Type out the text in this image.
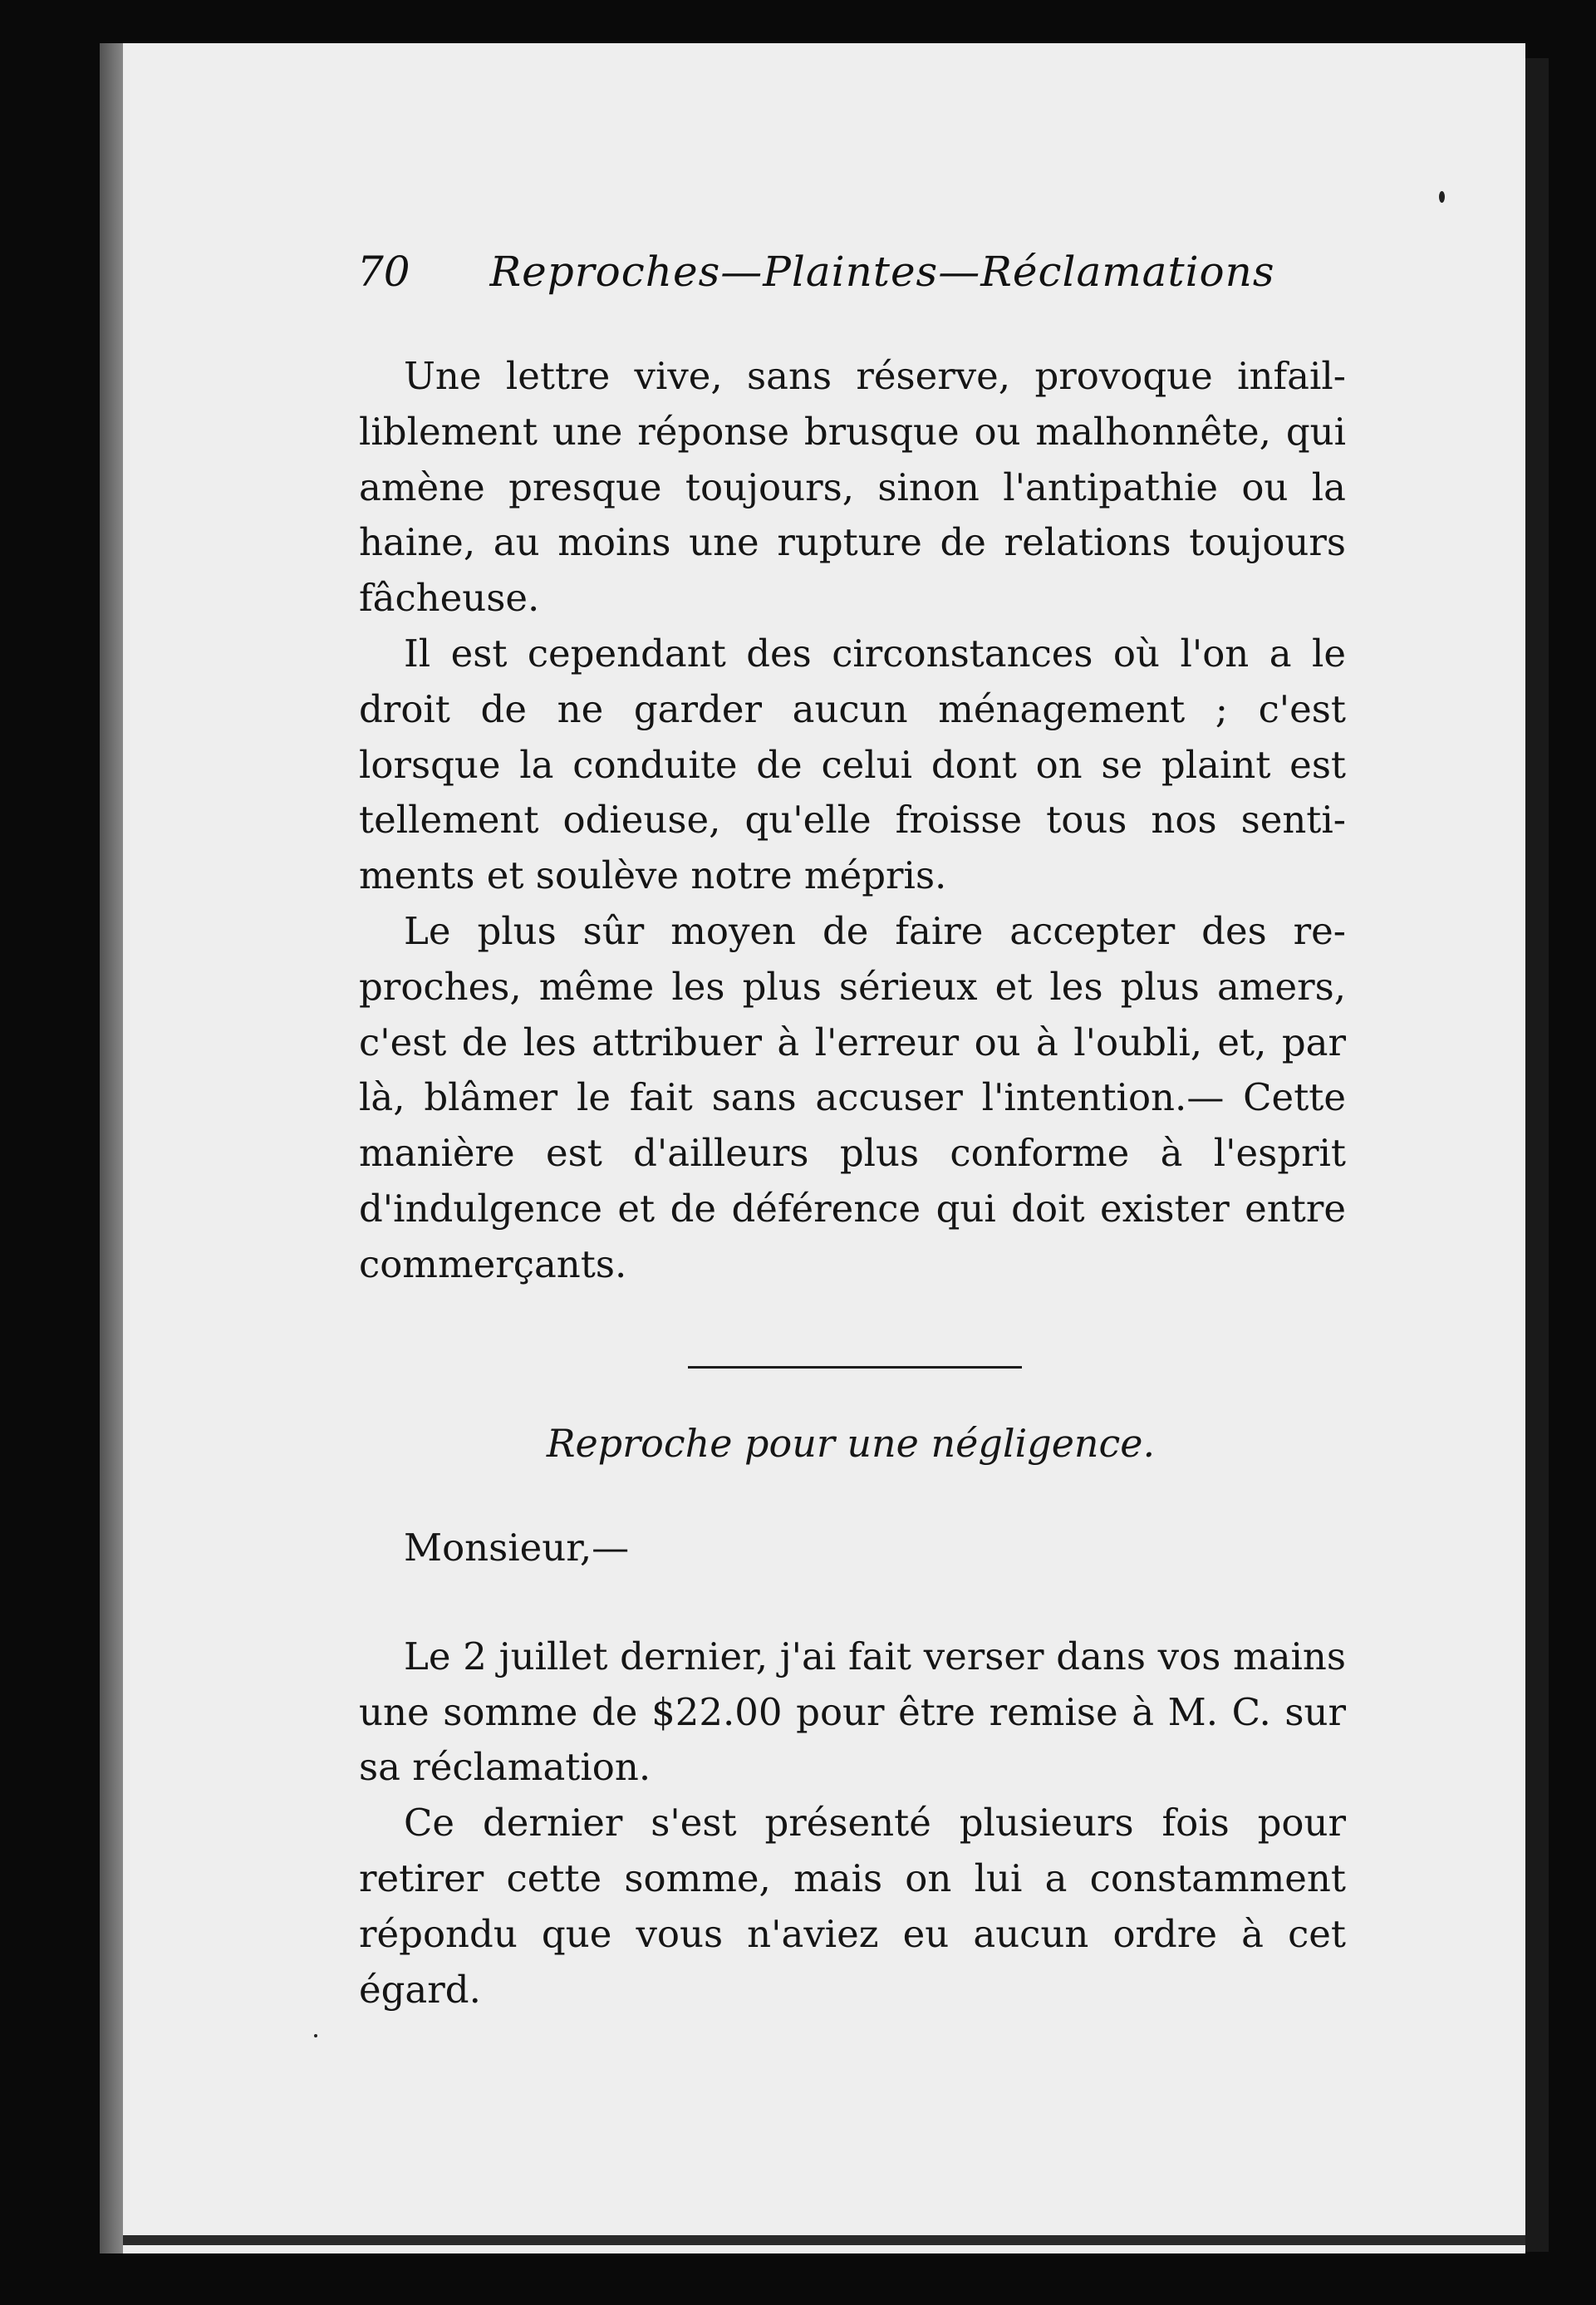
70 Reproches—Plaintes—Réclamations

Une lettre vive, sans réserve, provoque infailliblement une réponse brusque ou malhonnête, qui amène presque toujours, sinon l'antipathie ou la haine, au moins une rupture de relations toujours fâcheuse.

Il est cependant des circonstances où l'on a le droit de ne garder aucun ménagement ; c'est lorsque la conduite de celui dont on se plaint est tellement odieuse, qu'elle froisse tous nos sentiments et soulève notre mépris.

Le plus sûr moyen de faire accepter des reproches, même les plus sérieux et les plus amers, c'est de les attribuer à l'erreur ou à l'oubli, et, par là, blâmer le fait sans accuser l'intention.— Cette manière est d'ailleurs plus conforme à l'esprit d'indulgence et de déférence qui doit exister entre commerçants.

Reproche pour une négligence.

Monsieur,—

Le 2 juillet dernier, j'ai fait verser dans vos mains une somme de $22.00 pour être remise à M. C. sur sa réclamation.

Ce dernier s'est présenté plusieurs fois pour retirer cette somme, mais on lui a constamment répondu que vous n'aviez eu aucun ordre à cet égard.
